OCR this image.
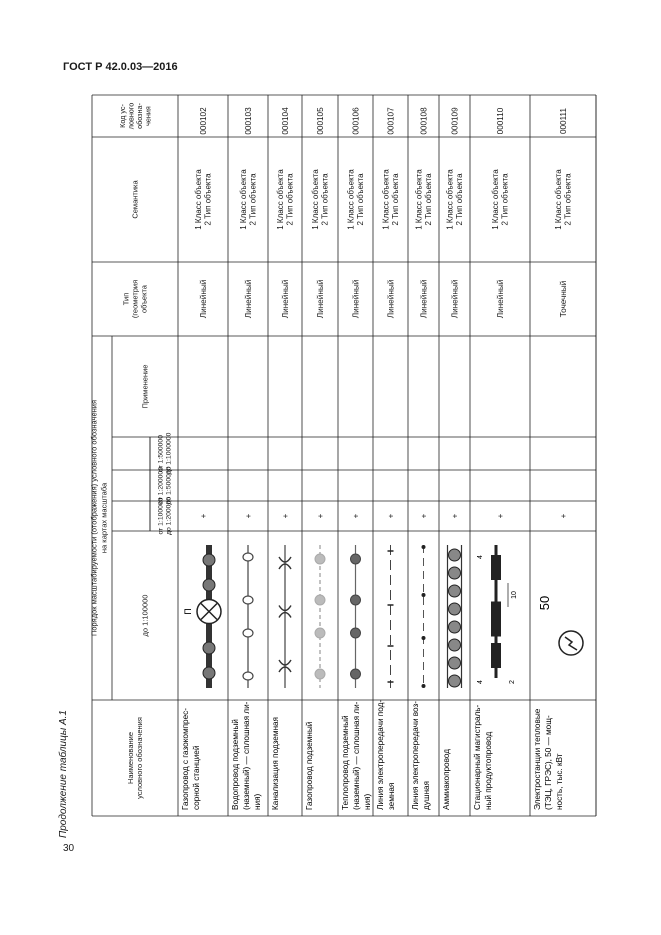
ГОСТ Р 42.0.03—2016
30
Продолжение таблицы А.1	Наименование условного обозначения
Порядок масштабируемости (отображения) условного обозначения на картах масштаба
до 1:100000
от 1:100000 до 1:200000
от 1:200000 до 1:500000
от 1:500000 до 1:1000000
Применение
Тип (геометрия объекта
Семантика
Код ус- ловного обозна- чения
Газопровод с газокомпрес- сорной станцией
+
Линейный
1 Класс объекта 2 Тип объекта
000102
Водопровод подземный (наземный) — сплошная ли- ния)
+
Линейный
1 Класс объекта 2 Тип объекта
000103
Канализация подземная
+
Линейный
1 Класс объекта 2 Тип объекта
000104
Газопровод подземный
+
Линейный
1 Класс объекта 2 Тип объекта
000105
Теплопровод подземный (наземный) — сплошная ли- ния)
+
Линейный
1 Класс объекта 2 Тип объекта
000106
Линия электропередачи под- земная
+
Линейный
1 Класс объекта 2 Тип объекта
000107
Линия электропередачи воз- душная
+
Линейный
1 Класс объекта 2 Тип объекта
000108
Аммиакопровод
+
Линейный
1 Класс объекта 2 Тип объекта
000109
Стационарный магистраль- ный продуктопровод
+
Линейный
1 Класс объекта 2 Тип объекта
000110
Электростанции тепловые (ТЭЦ, ГРЭС), 50 — мощ- ность, тыс. кВт
+
Точечный
1 Класс объекта 2 Тип объекта
000111
П
10
4
4	2
50
